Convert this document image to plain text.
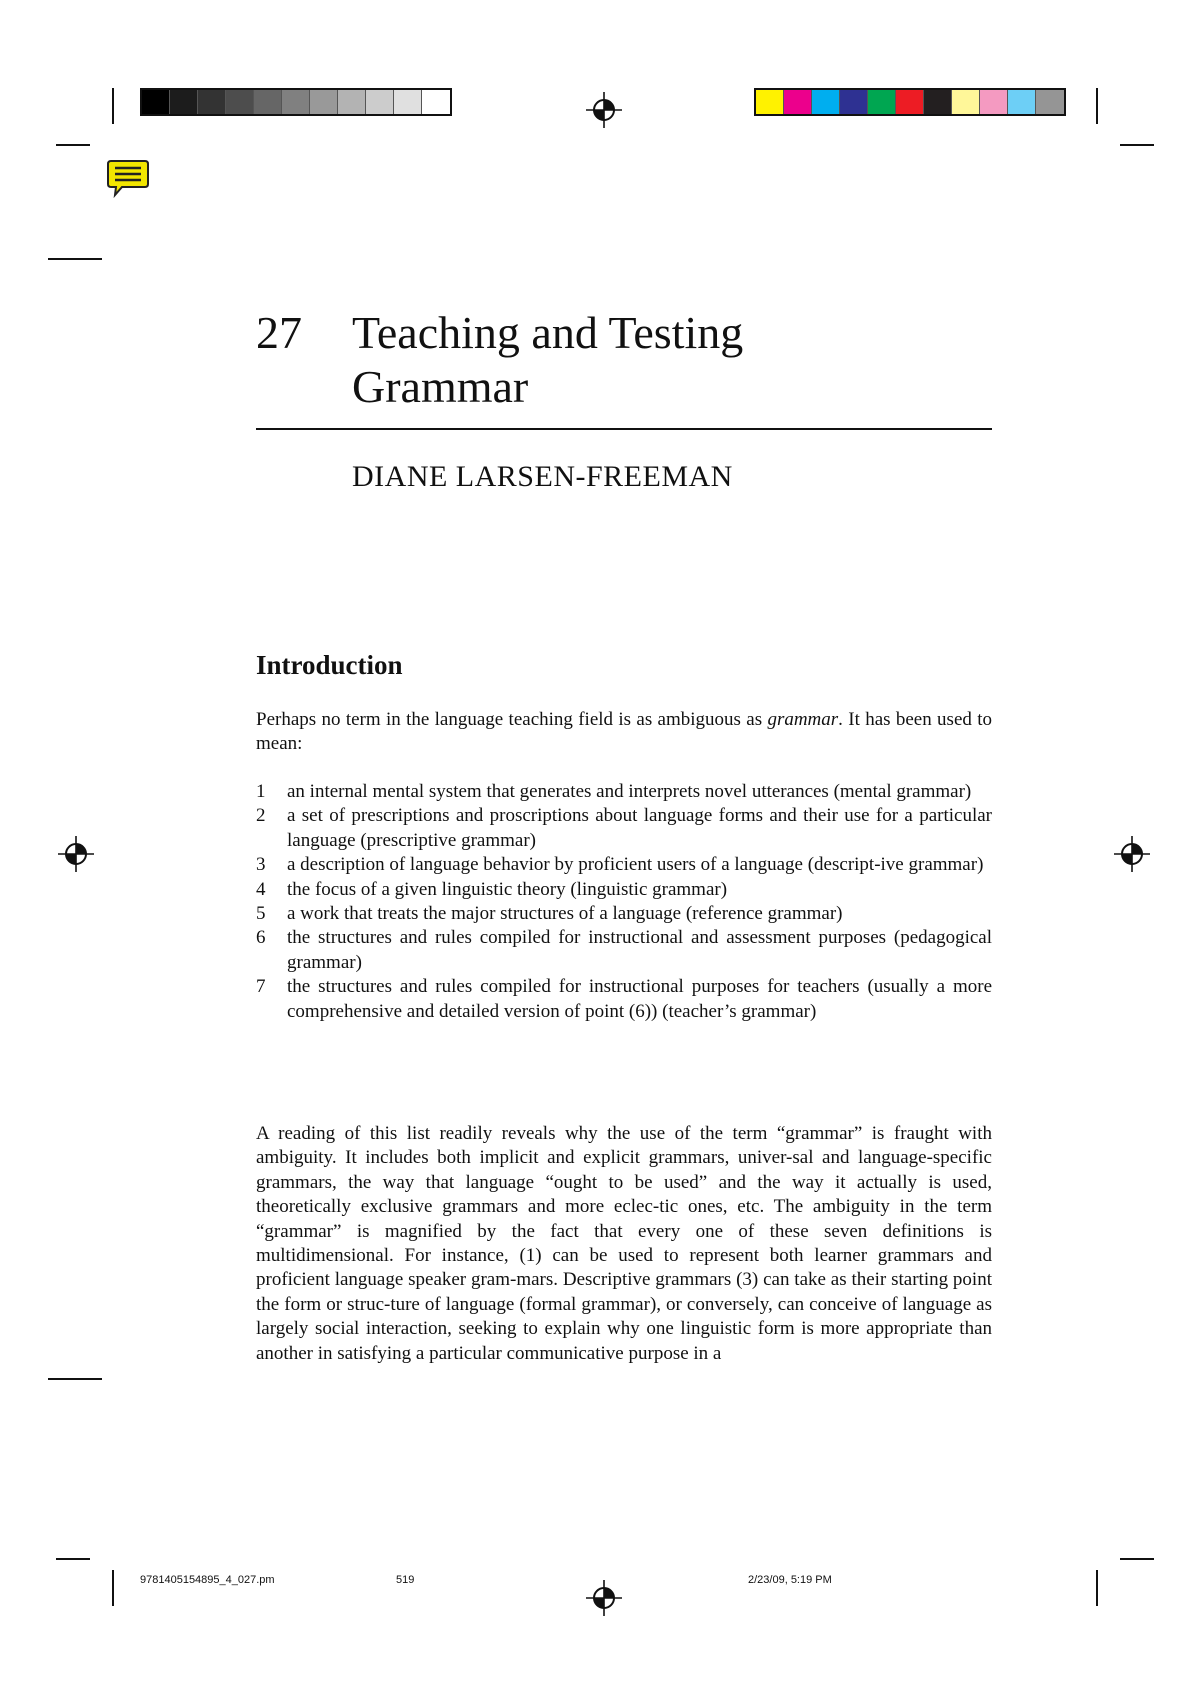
27 Teaching and Testing
Grammar
DIANE LARSEN-FREEMAN
Introduction

Perhaps no term in the language teaching field is as ambiguous as grammar. It has been used to mean:

1 an internal mental system that generates and interprets novel utterances (mental grammar)
2 a set of prescriptions and proscriptions about language forms and their use for a particular language (prescriptive grammar)
3 a description of language behavior by proficient users of a language (descript-ive grammar)
4 the focus of a given linguistic theory (linguistic grammar)
5 a work that treats the major structures of a language (reference grammar)
6 the structures and rules compiled for instructional and assessment purposes (pedagogical grammar)
7 the structures and rules compiled for instructional purposes for teachers (usually a more comprehensive and detailed version of point (6)) (teacher’s grammar)

A reading of this list readily reveals why the use of the term “grammar” is fraught with ambiguity. It includes both implicit and explicit grammars, univer-sal and language-specific grammars, the way that language “ought to be used” and the way it actually is used, theoretically exclusive grammars and more eclec-tic ones, etc. The ambiguity in the term “grammar” is magnified by the fact that every one of these seven definitions is multidimensional. For instance, (1) can be used to represent both learner grammars and proficient language speaker gram-mars. Descriptive grammars (3) can take as their starting point the form or struc-ture of language (formal grammar), or conversely, can conceive of language as largely social interaction, seeking to explain why one linguistic form is more appropriate than another in satisfying a particular communicative purpose in a

9781405154895_4_027.pm	519	2/23/09, 5:19 PM
